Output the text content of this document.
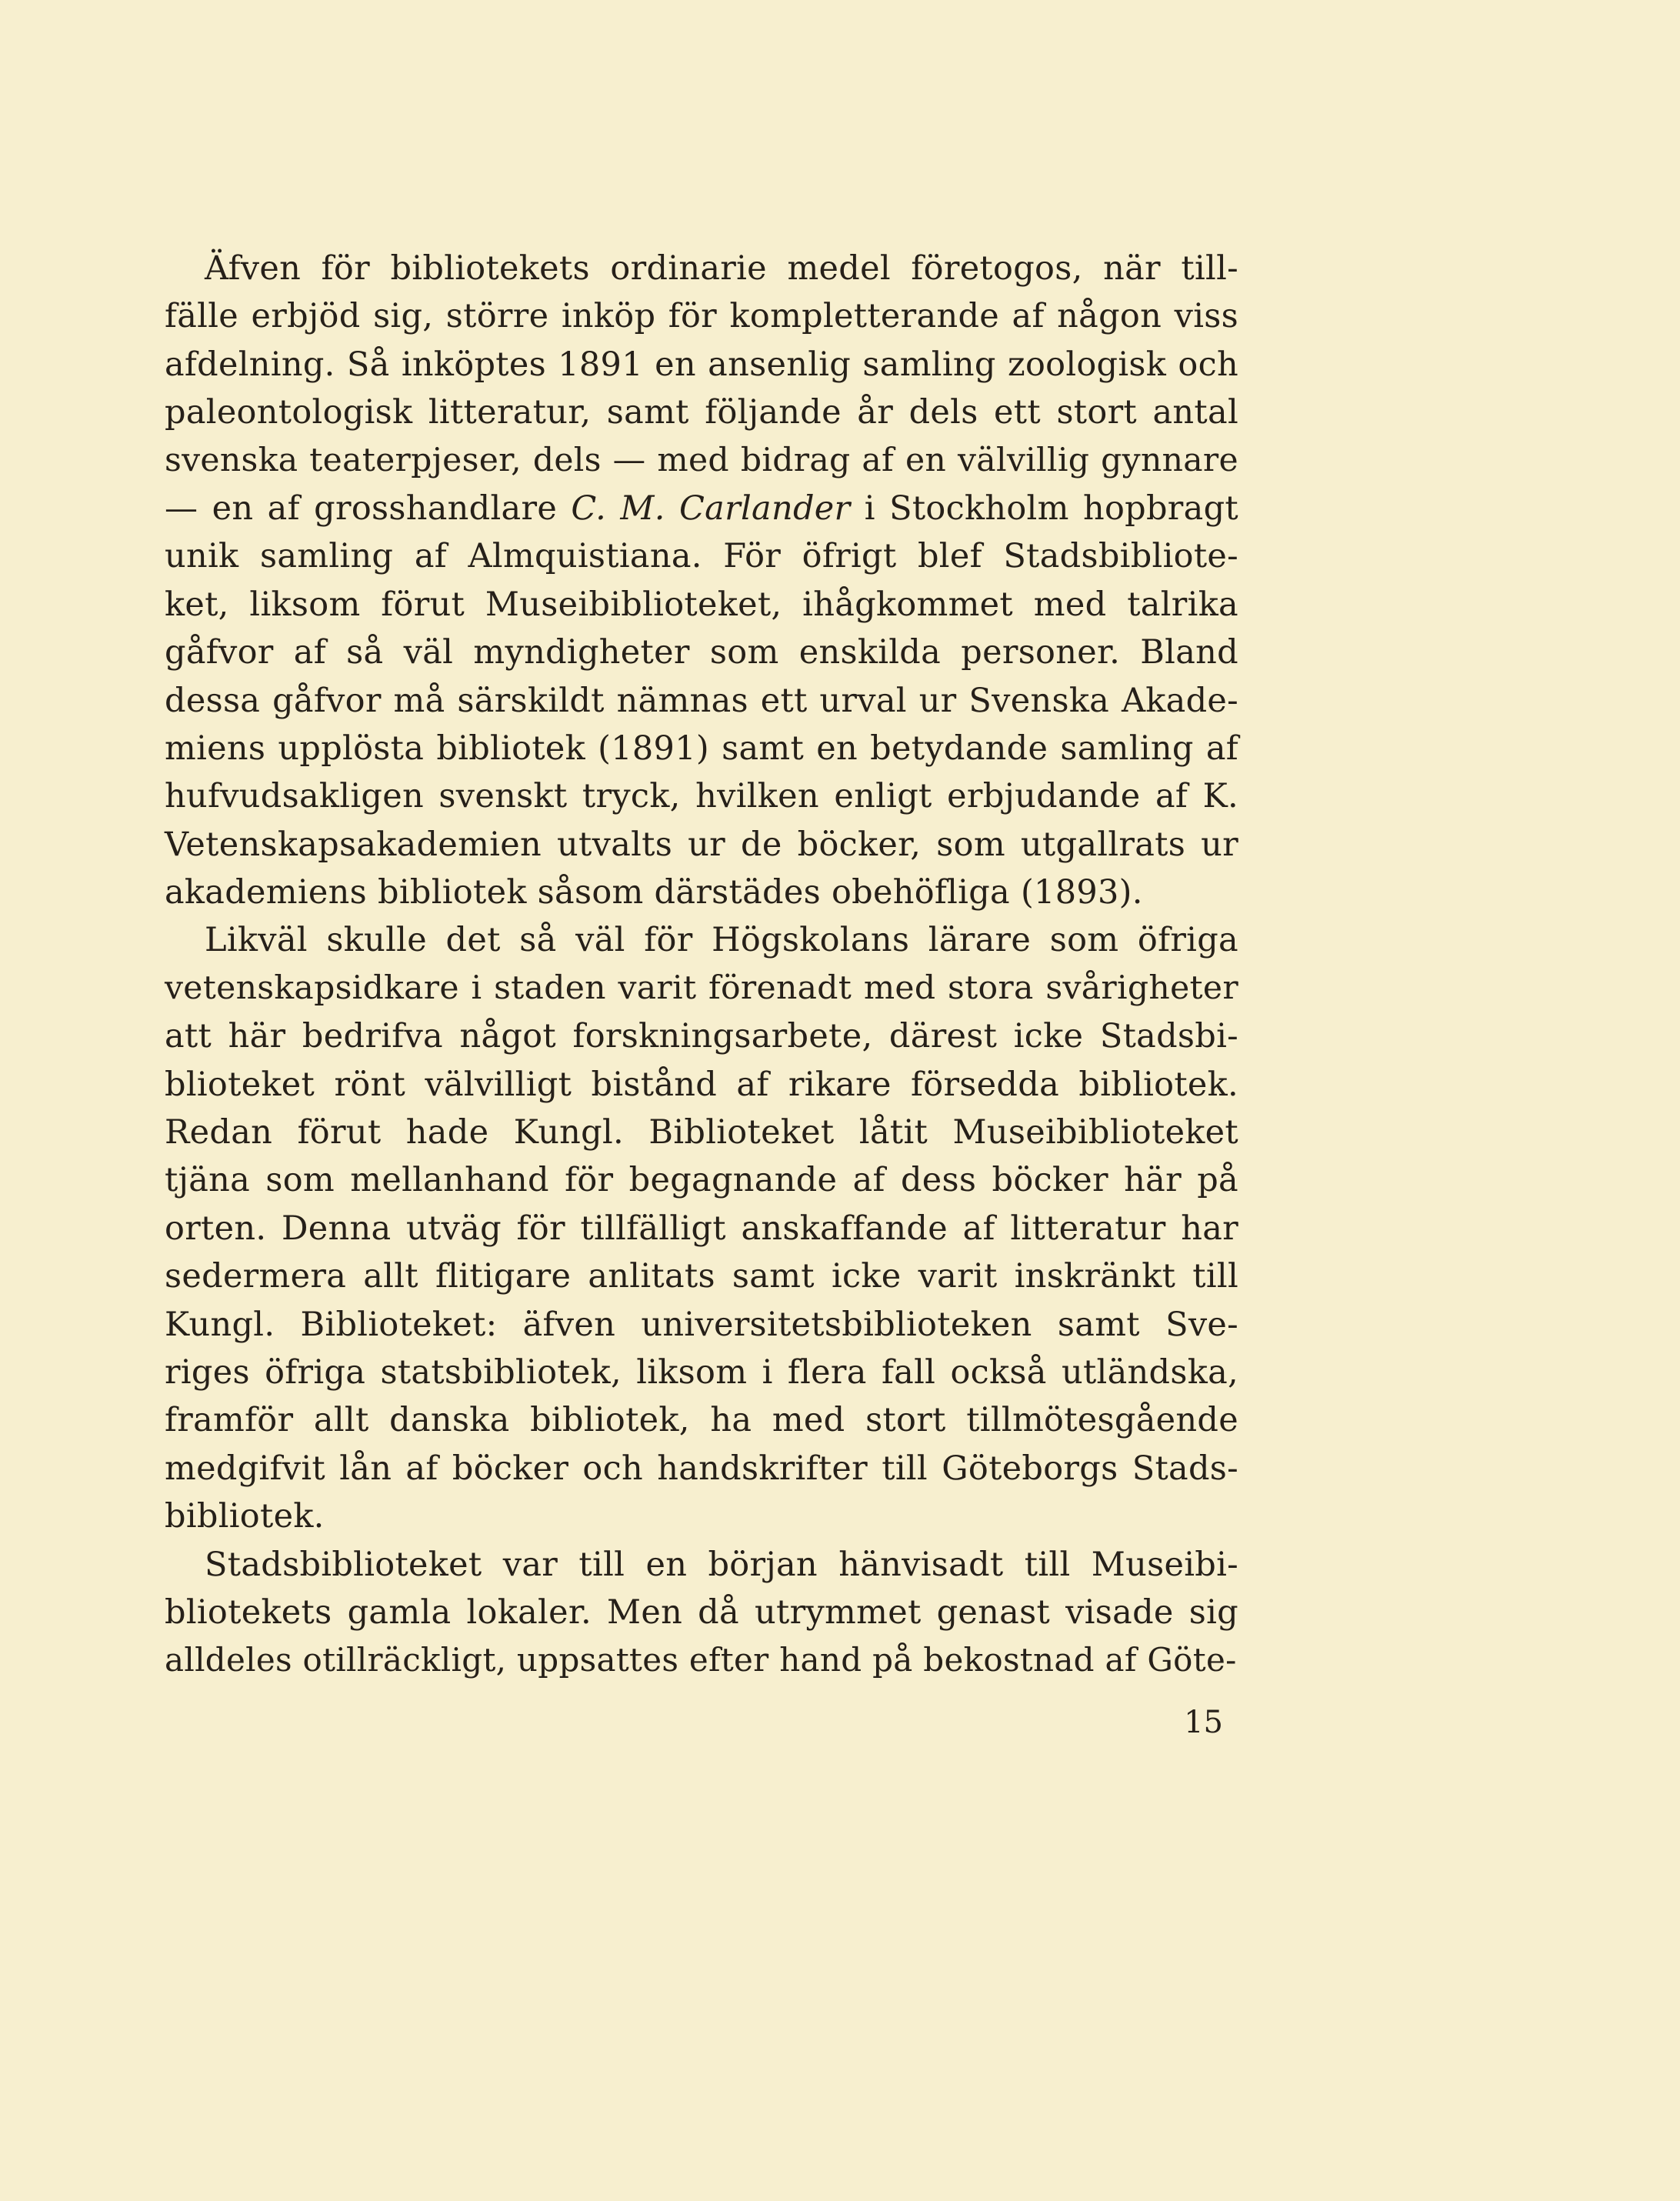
Äfven för bibliotekets ordinarie medel företogos, när till-
fälle erbjöd sig, större inköp för kompletterande af någon viss
afdelning. Så inköptes 1891 en ansenlig samling zoologisk och
paleontologisk litteratur, samt följande år dels ett stort antal
svenska teaterpjeser, dels — med bidrag af en välvillig gynnare
— en af grosshandlare C. M. Carlander i Stockholm hopbragt
unik samling af Almquistiana. För öfrigt blef Stadsbibliote-
ket, liksom förut Museibiblioteket, ihågkommet med talrika
gåfvor af så väl myndigheter som enskilda personer. Bland
dessa gåfvor må särskildt nämnas ett urval ur Svenska Akade-
miens upplösta bibliotek (1891) samt en betydande samling af
hufvudsakligen svenskt tryck, hvilken enligt erbjudande af K.
Vetenskapsakademien utvalts ur de böcker, som utgallrats ur
akademiens bibliotek såsom därstädes obehöfliga (1893).
Likväl skulle det så väl för Högskolans lärare som öfriga
vetenskapsidkare i staden varit förenadt med stora svårigheter
att här bedrifva något forskningsarbete, därest icke Stadsbi-
blioteket rönt välvilligt bistånd af rikare försedda bibliotek.
Redan förut hade Kungl. Biblioteket låtit Museibiblioteket
tjäna som mellanhand för begagnande af dess böcker här på
orten. Denna utväg för tillfälligt anskaffande af litteratur har
sedermera allt flitigare anlitats samt icke varit inskränkt till
Kungl. Biblioteket: äfven universitetsbiblioteken samt Sve-
riges öfriga statsbibliotek, liksom i flera fall också utländska,
framför allt danska bibliotek, ha med stort tillmötesgående
medgifvit lån af böcker och handskrifter till Göteborgs Stads-
bibliotek.
Stadsbiblioteket var till en början hänvisadt till Museibi-
bliotekets gamla lokaler. Men då utrymmet genast visade sig
alldeles otillräckligt, uppsattes efter hand på bekostnad af Göte-
15
